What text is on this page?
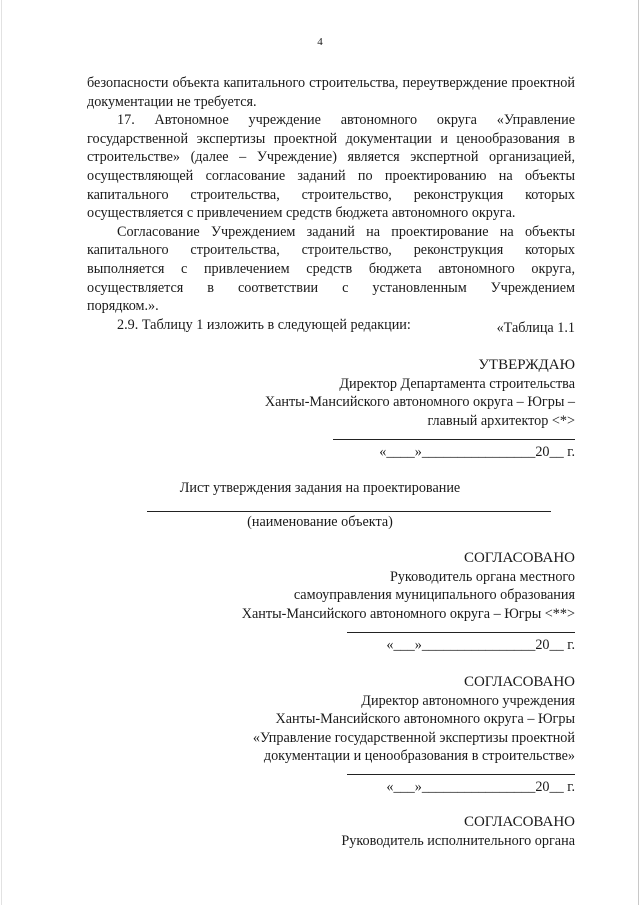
4

безопасности объекта капитального строительства, переутверждение проектной документации не требуется.

17. Автономное учреждение автономного округа «Управление государственной экспертизы проектной документации и ценообразования в строительстве» (далее – Учреждение) является экспертной организацией, осуществляющей согласование заданий по проектированию на объекты капитального строительства, строительство, реконструкция которых осуществляется с привлечением средств бюджета автономного округа.

Согласование Учреждением заданий на проектирование на объекты капитального строительства, строительство, реконструкция которых выполняется с привлечением средств бюджета автономного округа, осуществляется в соответствии с установленным Учреждением

порядком.».

2.9. Таблицу 1 изложить в следующей редакции:	«Таблица 1.1
УТВЕРЖДАЮ
Директор Департамента строительства
Ханты-Мансийского автономного округа – Югры –
главный архитектор <*>
«____»________________20__ г.
Лист утверждения задания на проектирование
(наименование объекта)
СОГЛАСОВАНО
Руководитель органа местного
самоуправления муниципального образования
Ханты-Мансийского автономного округа – Югры <**>
«___»________________20__ г.
СОГЛАСОВАНО
Директор автономного учреждения
Ханты-Мансийского автономного округа – Югры
«Управление государственной экспертизы проектной
документации и ценообразования в строительстве»
«___»________________20__ г.
СОГЛАСОВАНО
Руководитель исполнительного органа
